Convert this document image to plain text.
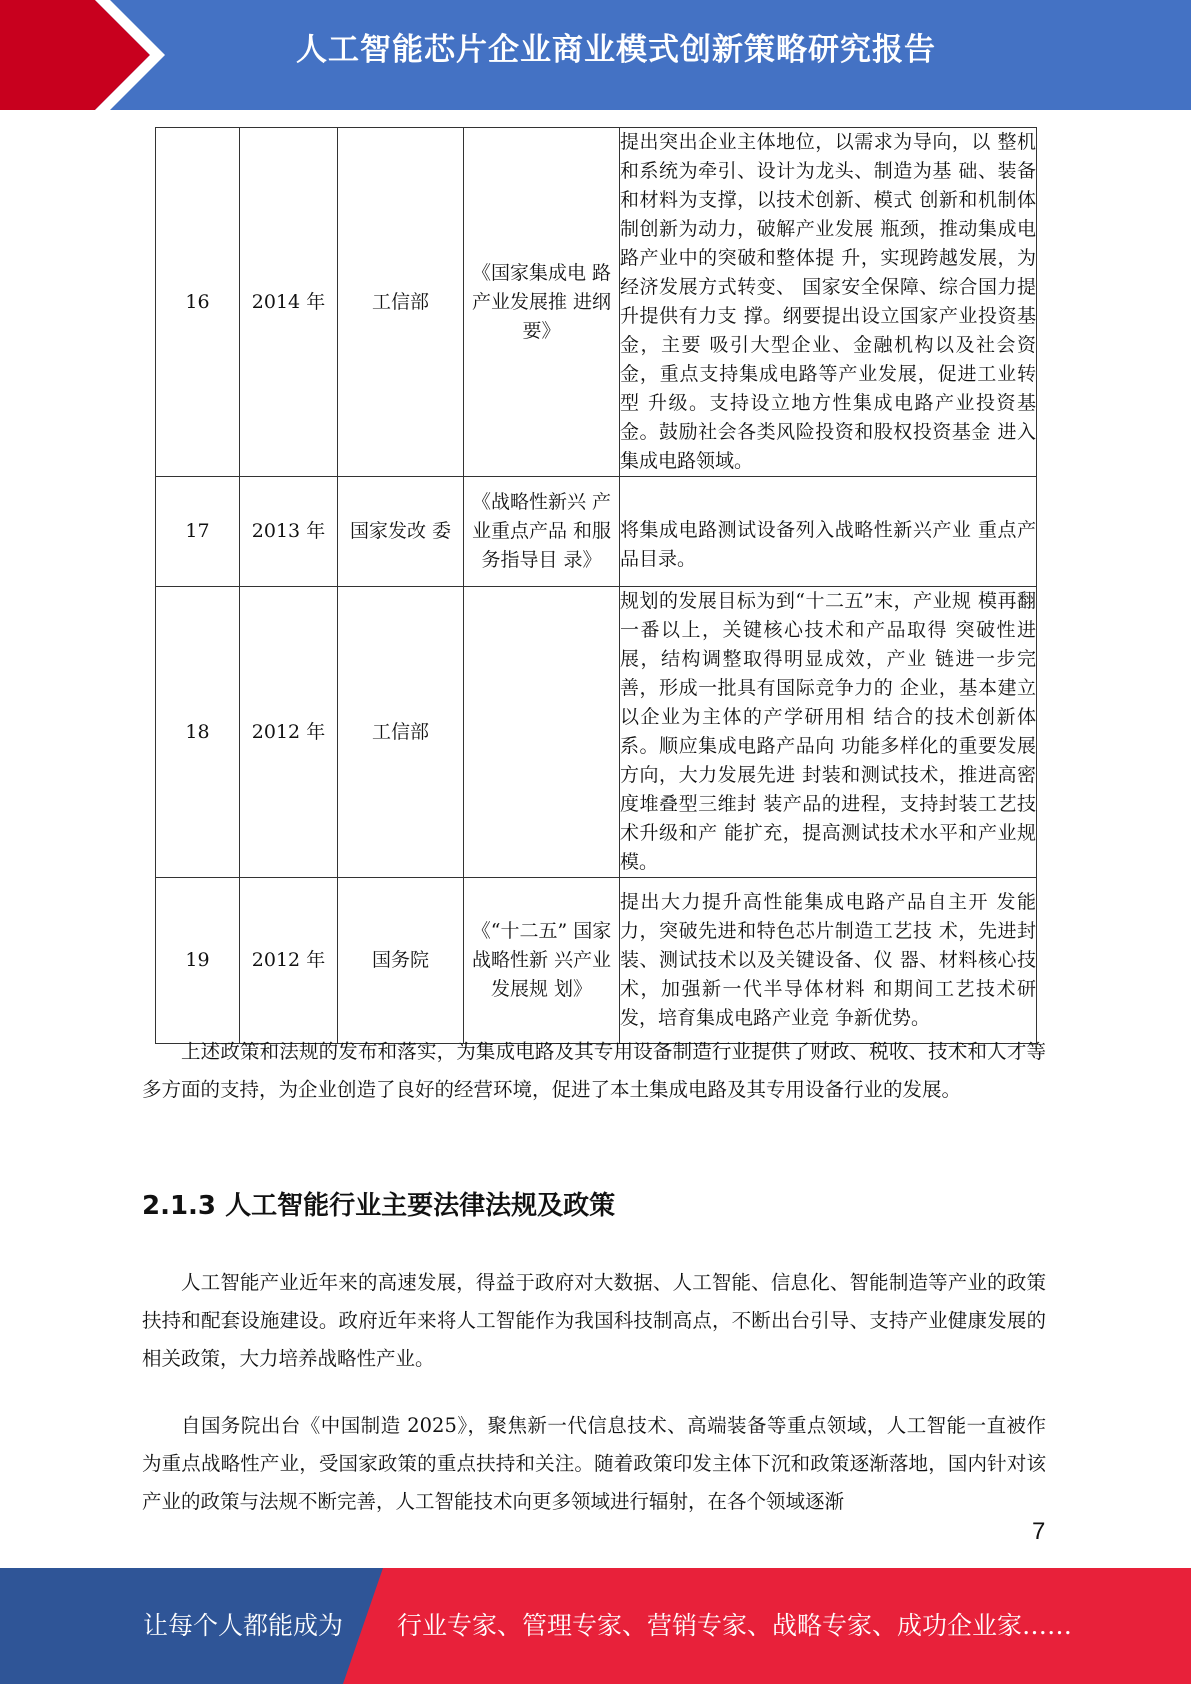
人工智能芯片企业商业模式创新策略研究报告
16	2014 年	工信部	《国家集成电 路产业发展推 进纲要》	提出突出企业主体地位，以需求为导向，以 整机和系统为牵引、设计为龙头、制造为基 础、装备和材料为支撑，以技术创新、模式 创新和机制体制创新为动力，破解产业发展 瓶颈，推动集成电路产业中的突破和整体提 升，实现跨越发展，为经济发展方式转变、 国家安全保障、综合国力提升提供有力支 撑。纲要提出设立国家产业投资基金，主要 吸引大型企业、金融机构以及社会资金，重点支持集成电路等产业发展，促进工业转型 升级。支持设立地方性集成电路产业投资基 金。鼓励社会各类风险投资和股权投资基金 进入集成电路领域。
17	2013 年	国家发改 委	《战略性新兴 产业重点产品 和服务指导目 录》	将集成电路测试设备列入战略性新兴产业 重点产品目录。
18	2012 年	工信部		规划的发展目标为到“十二五”末，产业规 模再翻一番以上，关键核心技术和产品取得 突破性进展，结构调整取得明显成效，产业 链进一步完善，形成一批具有国际竞争力的 企业，基本建立以企业为主体的产学研用相 结合的技术创新体系。顺应集成电路产品向 功能多样化的重要发展方向，大力发展先进 封装和测试技术，推进高密度堆叠型三维封 装产品的进程，支持封装工艺技术升级和产 能扩充，提高测试技术水平和产业规模。
19	2012 年	国务院	《“十二五” 国家战略性新 兴产业发展规 划》	提出大力提升高性能集成电路产品自主开 发能力，突破先进和特色芯片制造工艺技 术，先进封装、测试技术以及关键设备、仪 器、材料核心技术，加强新一代半导体材料 和期间工艺技术研发，培育集成电路产业竞 争新优势。

上述政策和法规的发布和落实，为集成电路及其专用设备制造行业提供了财政、税收、技术和人才等多方面的支持，为企业创造了良好的经营环境，促进了本土集成电路及其专用设备行业的发展。

2.1.3 人工智能行业主要法律法规及政策

人工智能产业近年来的高速发展，得益于政府对大数据、人工智能、信息化、智能制造等产业的政策扶持和配套设施建设。政府近年来将人工智能作为我国科技制高点，不断出台引导、支持产业健康发展的相关政策，大力培养战略性产业。

自国务院出台《中国制造 2025》，聚焦新一代信息技术、高端装备等重点领域，人工智能一直被作为重点战略性产业，受国家政策的重点扶持和关注。随着政策印发主体下沉和政策逐渐落地，国内针对该产业的政策与法规不断完善，人工智能技术向更多领域进行辐射，在各个领域逐渐

7
让每个人都能成为 行业专家、管理专家、营销专家、战略专家、成功企业家……
